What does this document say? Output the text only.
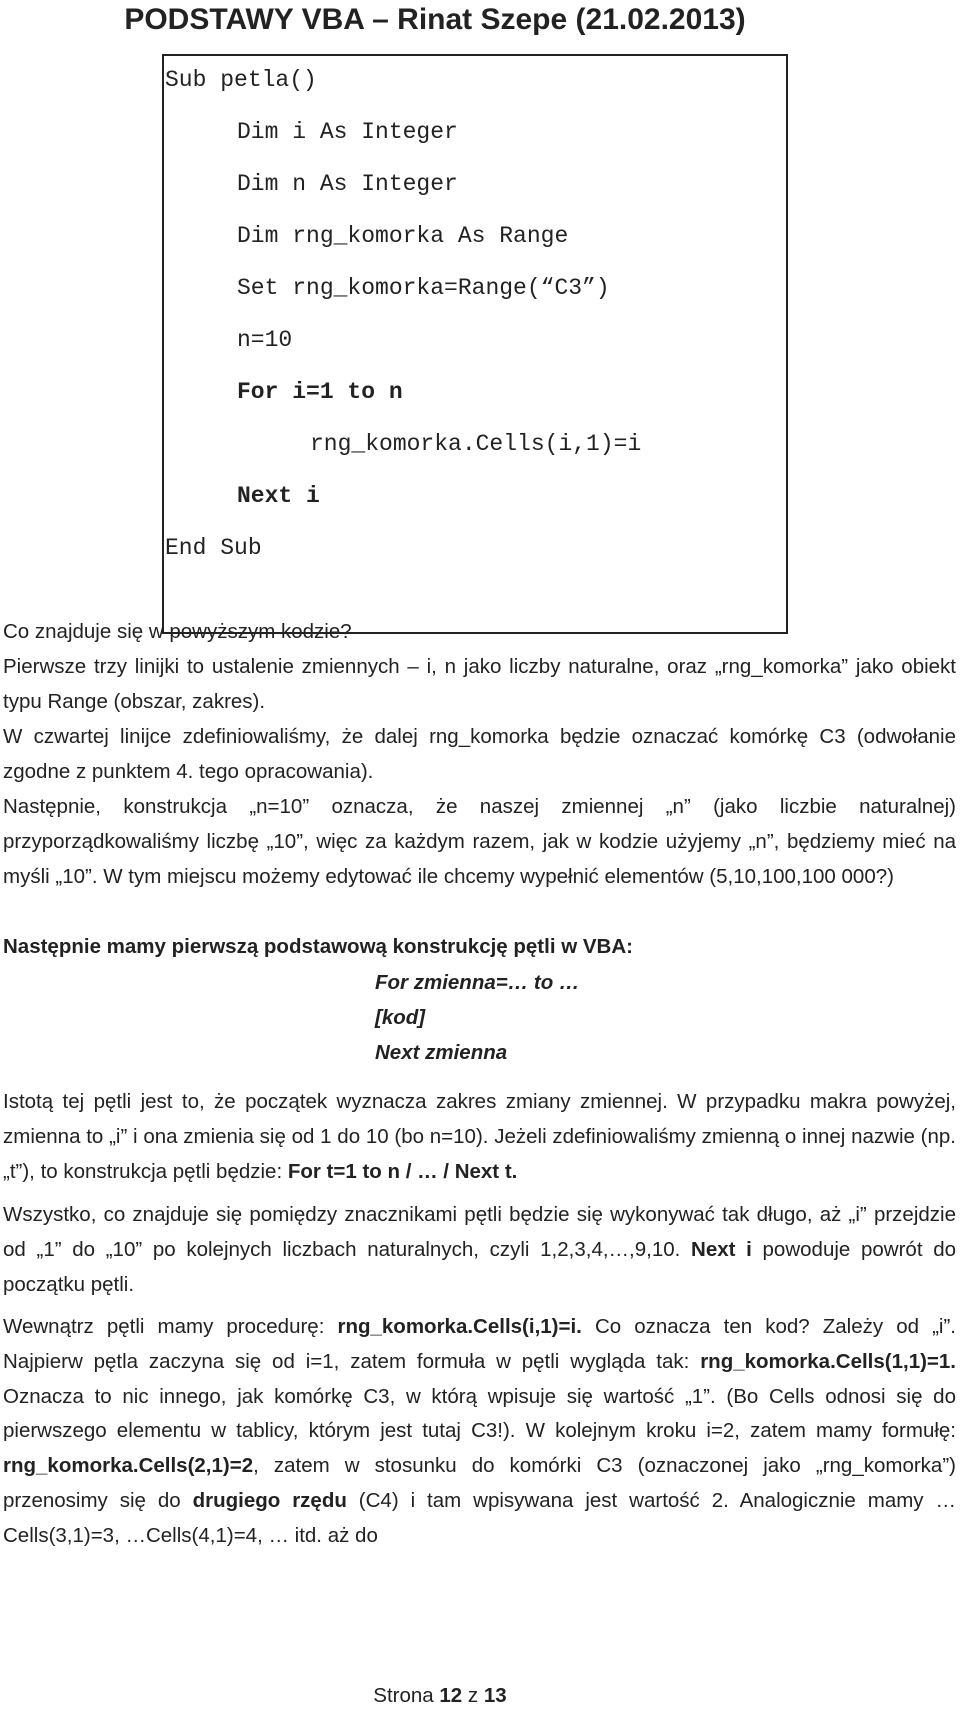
PODSTAWY VBA – Rinat Szepe (21.02.2013)
Sub petla()
Dim i As Integer
Dim n As Integer
Dim rng_komorka As Range
Set rng_komorka=Range(“C3”)
n=10
For i=1 to n
rng_komorka.Cells(i,1)=i
Next i
End Sub
Co znajduje się w powyższym kodzie?
Pierwsze trzy linijki to ustalenie zmiennych – i, n jako liczby naturalne, oraz „rng_komorka” jako obiekt typu Range (obszar, zakres).
W czwartej linijce zdefiniowaliśmy, że dalej rng_komorka będzie oznaczać komórkę C3 (odwołanie zgodne z punktem 4. tego opracowania).
Następnie, konstrukcja „n=10” oznacza, że naszej zmiennej „n” (jako liczbie naturalnej) przyporządkowaliśmy liczbę „10”, więc za każdym razem, jak w kodzie użyjemy „n”, będziemy mieć na myśli „10”. W tym miejscu możemy edytować ile chcemy wypełnić elementów (5,10,100,100 000?)
Następnie mamy pierwszą podstawową konstrukcję pętli w VBA:
For zmienna=… to …
[kod]
Next zmienna
Istotą tej pętli jest to, że początek wyznacza zakres zmiany zmiennej. W przypadku makra powyżej, zmienna to „i” i ona zmienia się od 1 do 10 (bo n=10). Jeżeli zdefiniowaliśmy zmienną o innej nazwie (np. „t”), to konstrukcja pętli będzie: For t=1 to n / … / Next t.
Wszystko, co znajduje się pomiędzy znacznikami pętli będzie się wykonywać tak długo, aż „i” przejdzie od „1” do „10” po kolejnych liczbach naturalnych, czyli 1,2,3,4,…,9,10. Next i powoduje powrót do początku pętli.
Wewnątrz pętli mamy procedurę: rng_komorka.Cells(i,1)=i. Co oznacza ten kod? Zależy od „i”. Najpierw pętla zaczyna się od i=1, zatem formuła w pętli wygląda tak: rng_komorka.Cells(1,1)=1. Oznacza to nic innego, jak komórkę C3, w którą wpisuje się wartość „1”. (Bo Cells odnosi się do pierwszego elementu w tablicy, którym jest tutaj C3!). W kolejnym kroku i=2, zatem mamy formułę: rng_komorka.Cells(2,1)=2, zatem w stosunku do komórki C3 (oznaczonej jako „rng_komorka”) przenosimy się do drugiego rzędu (C4) i tam wpisywana jest wartość 2. Analogicznie mamy …Cells(3,1)=3, …Cells(4,1)=4, … itd. aż do
Strona 12 z 13
